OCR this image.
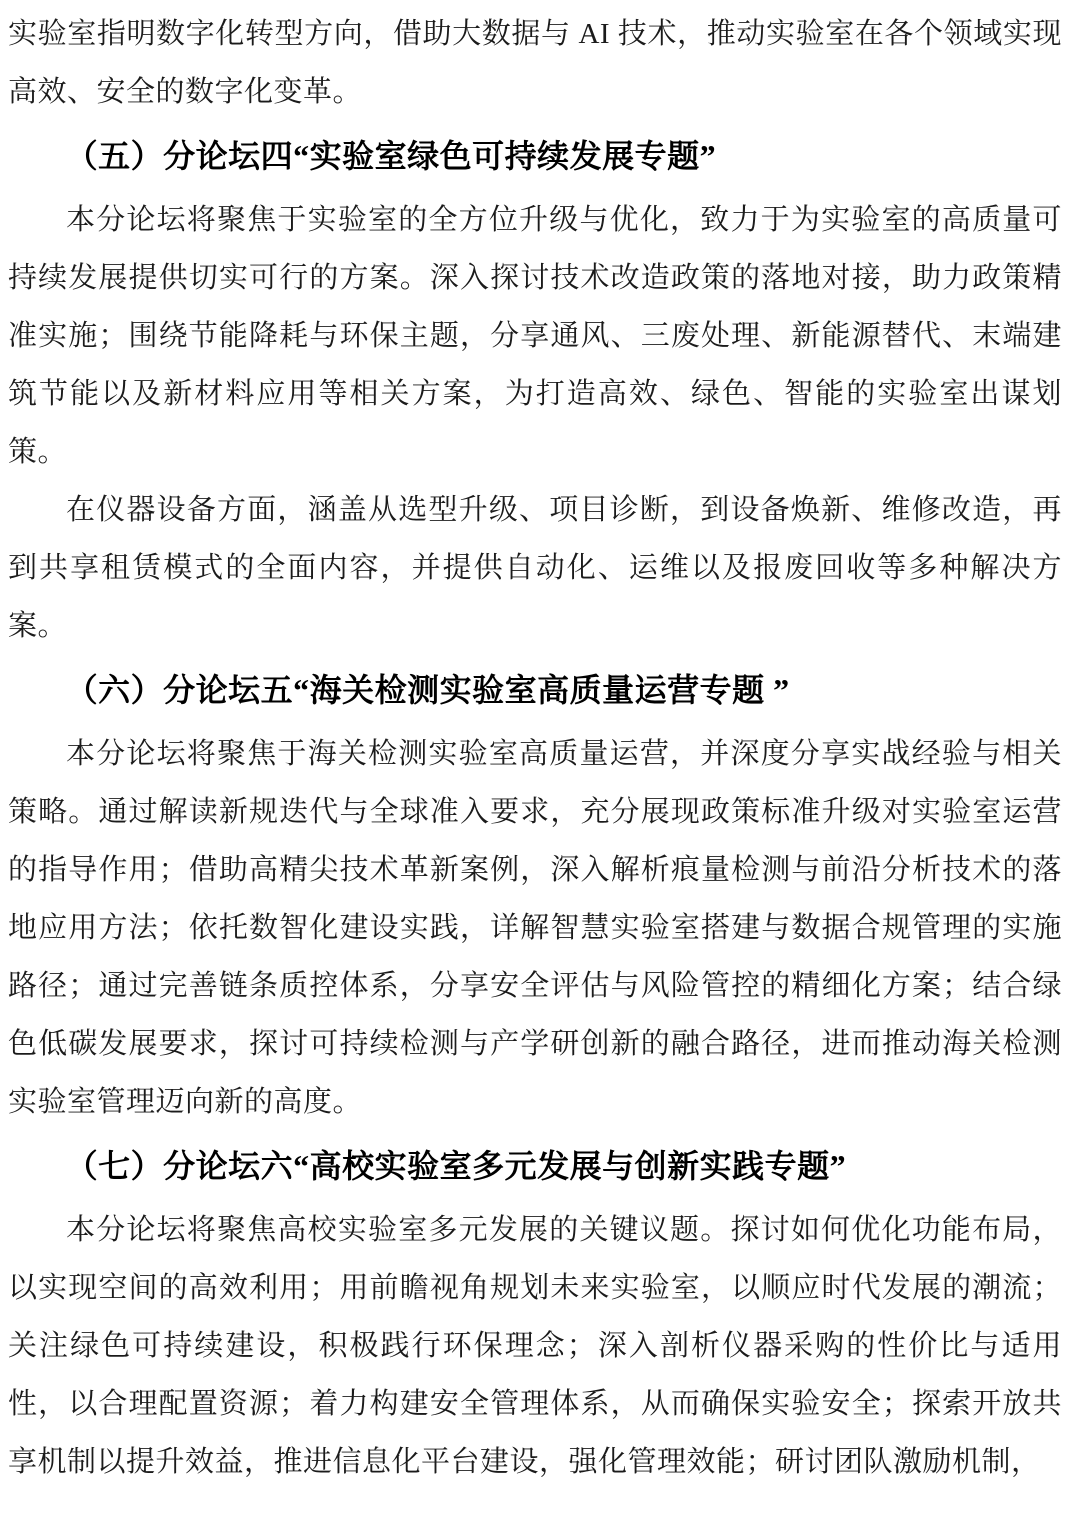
实验室指明数字化转型方向，借助大数据与 AI 技术，推动实验室在各个领域实现高效、安全的数字化变革。

（五）分论坛四“实验室绿色可持续发展专题”

本分论坛将聚焦于实验室的全方位升级与优化，致力于为实验室的高质量可持续发展提供切实可行的方案。深入探讨技术改造政策的落地对接，助力政策精准实施；围绕节能降耗与环保主题，分享通风、三废处理、新能源替代、末端建筑节能以及新材料应用等相关方案，为打造高效、绿色、智能的实验室出谋划策。

在仪器设备方面，涵盖从选型升级、项目诊断，到设备焕新、维修改造，再到共享租赁模式的全面内容，并提供自动化、运维以及报废回收等多种解决方案。

（六）分论坛五“海关检测实验室高质量运营专题 ”

本分论坛将聚焦于海关检测实验室高质量运营，并深度分享实战经验与相关策略。通过解读新规迭代与全球准入要求，充分展现政策标准升级对实验室运营的指导作用；借助高精尖技术革新案例，深入解析痕量检测与前沿分析技术的落地应用方法；依托数智化建设实践，详解智慧实验室搭建与数据合规管理的实施路径；通过完善链条质控体系，分享安全评估与风险管控的精细化方案；结合绿色低碳发展要求，探讨可持续检测与产学研创新的融合路径，进而推动海关检测实验室管理迈向新的高度。

（七）分论坛六“高校实验室多元发展与创新实践专题”

本分论坛将聚焦高校实验室多元发展的关键议题。探讨如何优化功能布局，以实现空间的高效利用；用前瞻视角规划未来实验室，以顺应时代发展的潮流；关注绿色可持续建设，积极践行环保理念；深入剖析仪器采购的性价比与适用性，以合理配置资源；着力构建安全管理体系，从而确保实验安全；探索开放共享机制以提升效益，推进信息化平台建设，强化管理效能；研讨团队激励机制，
